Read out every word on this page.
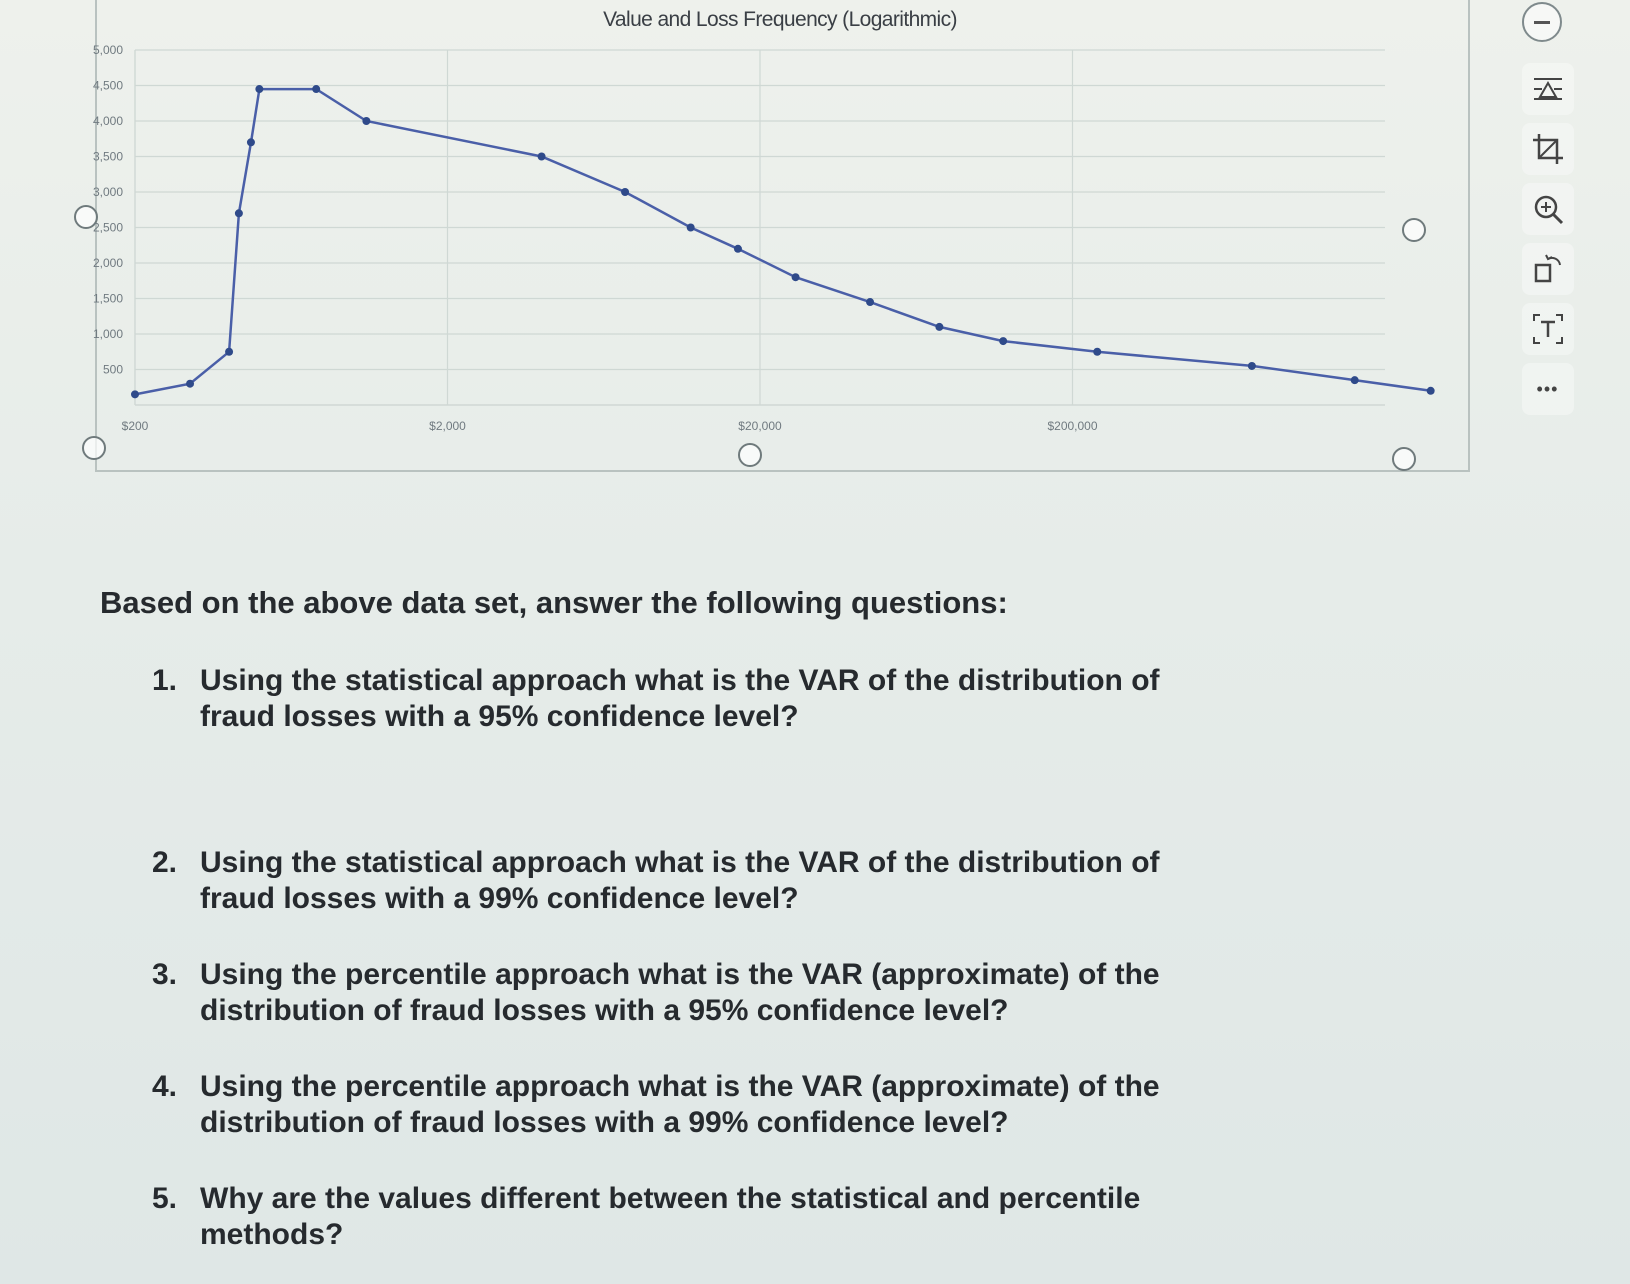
500
1,000
1,500
2,000
2,500
3,000
3,500
4,000
4,500
5,000
$200	$2,000	$20,000	$200,000
Value and Loss Frequency (Logarithmic)
•••
Based on the above data set, answer the following questions:
1. Using the statistical approach what is the VAR of the distribution of
fraud losses with a 95% confidence level?
2. Using the statistical approach what is the VAR of the distribution of
fraud losses with a 99% confidence level?
3. Using the percentile approach what is the VAR (approximate) of the
distribution of fraud losses with a 95% confidence level?
4. Using the percentile approach what is the VAR (approximate) of the
distribution of fraud losses with a 99% confidence level?
5. Why are the values different between the statistical and percentile
methods?
